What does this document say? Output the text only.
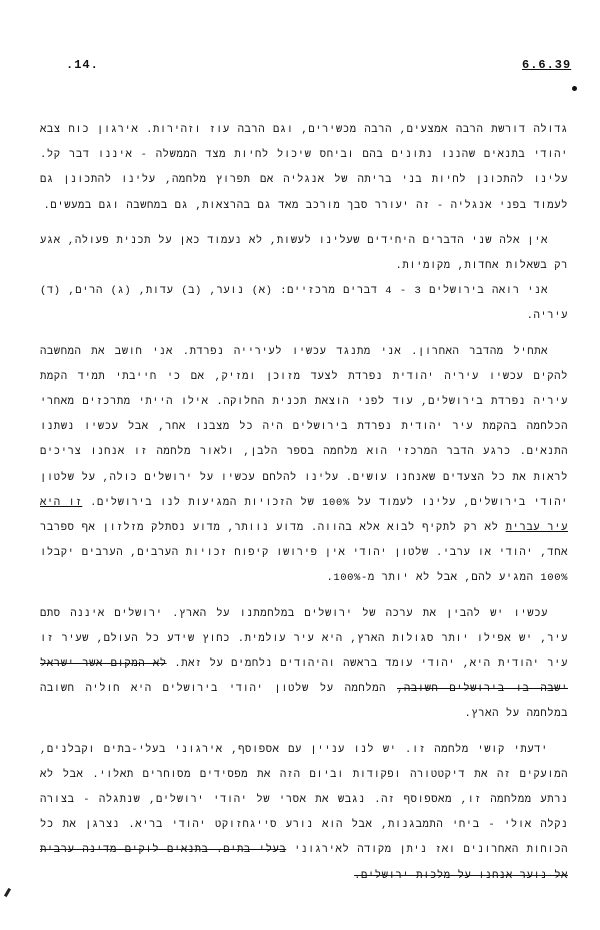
.14.	6.6.39

גדולה דורשת הרבה אמצעים, הרבה מכשירים, וגם הרבה עוז וזהירות. אירגון כוח צבא יהודי בתנאים שהננו נתונים בהם וביחס שיכול לחיות מצד הממשלה - איננו דבר קל. עלינו להתכונן לחיות בני בריתה של אנגליה אם תפרוץ מלחמה, עלינו להתכונן גם לעמוד בפני אנגליה - זה יעורר סבך מורכב מאד גם בהרצאות, גם במחשבה וגם במעשים.

אין אלה שני הדברים היחידים שעלינו לעשות, לא נעמוד כאן על תכנית פעולה, אגע רק בשאלות אחדות, מקומיות.

אני רואה בירושלים 3 - 4 דברים מרכזיים: (א) נוער, (ב) עדות, (ג) הרים, (ד) עיריה.

אתחיל מהדבר האחרון. אני מתנגד עכשיו לעירייה נפרדת. אני חושב את המחשבה להקים עכשיו עיריה יהודית נפרדת לצעד מזוכן ומזיק, אם כי חייבתי תמיד הקמת עיריה נפרדת בירושלים, עוד לפני הוצאת תכנית החלוקה. אילו הייתי מתרכזים מאחרי הכלחמה בהקמת עיר יהודית נפרדת בירושלים היה כל מצבנו אחר, אבל עכשיו נשתנו התנאים. כרגע הדבר המרכזי הוא מלחמה בספר הלבן, ולאור מלחמה זו אנחנו צריכים לראות את כל הצעדים שאנחנו עושים. עלינו להלחם עכשיו על ירושלים כולה, על שלטון יהודי בירושלים, עלינו לעמוד על 100% של הזכויות המגיעות לנו בירושלים. זו היא עיר עברית לא רק לתקיף לבוא אלא בהווה. מדוע נוותר, מדוע נסתלק מזלזון אף ספרבר אחד, יהודי או ערבי. שלטון יהודי אין פירושו קיפוח זכויות הערבים, הערבים יקבלו 100% המגיע להם, אבל לא יותר מ-100%.

עכשיו יש להבין את ערכה של ירושלים במלחמתנו על הארץ. ירושלים איננה סתם עיר, יש אפילו יותר סגולות הארץ, היא עיר עולמית. כחוץ שידע כל העולם, שעיר זו עיר יהודית היא, יהודי עומד בראשה והיהודים נלחמים על זאת. לא המקום אשר ישראל ישבה בו בירושלים חשובה, המלחמה על שלטון יהודי בירושלים היא חוליה חשובה במלחמה על הארץ.

ידעתי קושי מלחמה זו. יש לנו עניין עם אספוסף, אירגוני בעלי-בתים וקבלנים, המועקים זה את דיקטטורה ופקודות וביום הזה את מפסידים מסוחרים תאלוי. אבל לא נרתע ממלחמה זו, מאספוסף זה. נגבש את אסרי של יהודי ירושלים, שנתגלה - בצורה נקלה אולי - ביחי התמבגנות, אבל הוא נורע סייגחזוקט יהודי בריא. נצרגן את כל הכוחות האחרונים ואז ניתן מקודה לאירגוני בעלי בתים. בתנאים לוקים מדינה ערבית אל נוער אנחנו על מלכות ירושלים.
